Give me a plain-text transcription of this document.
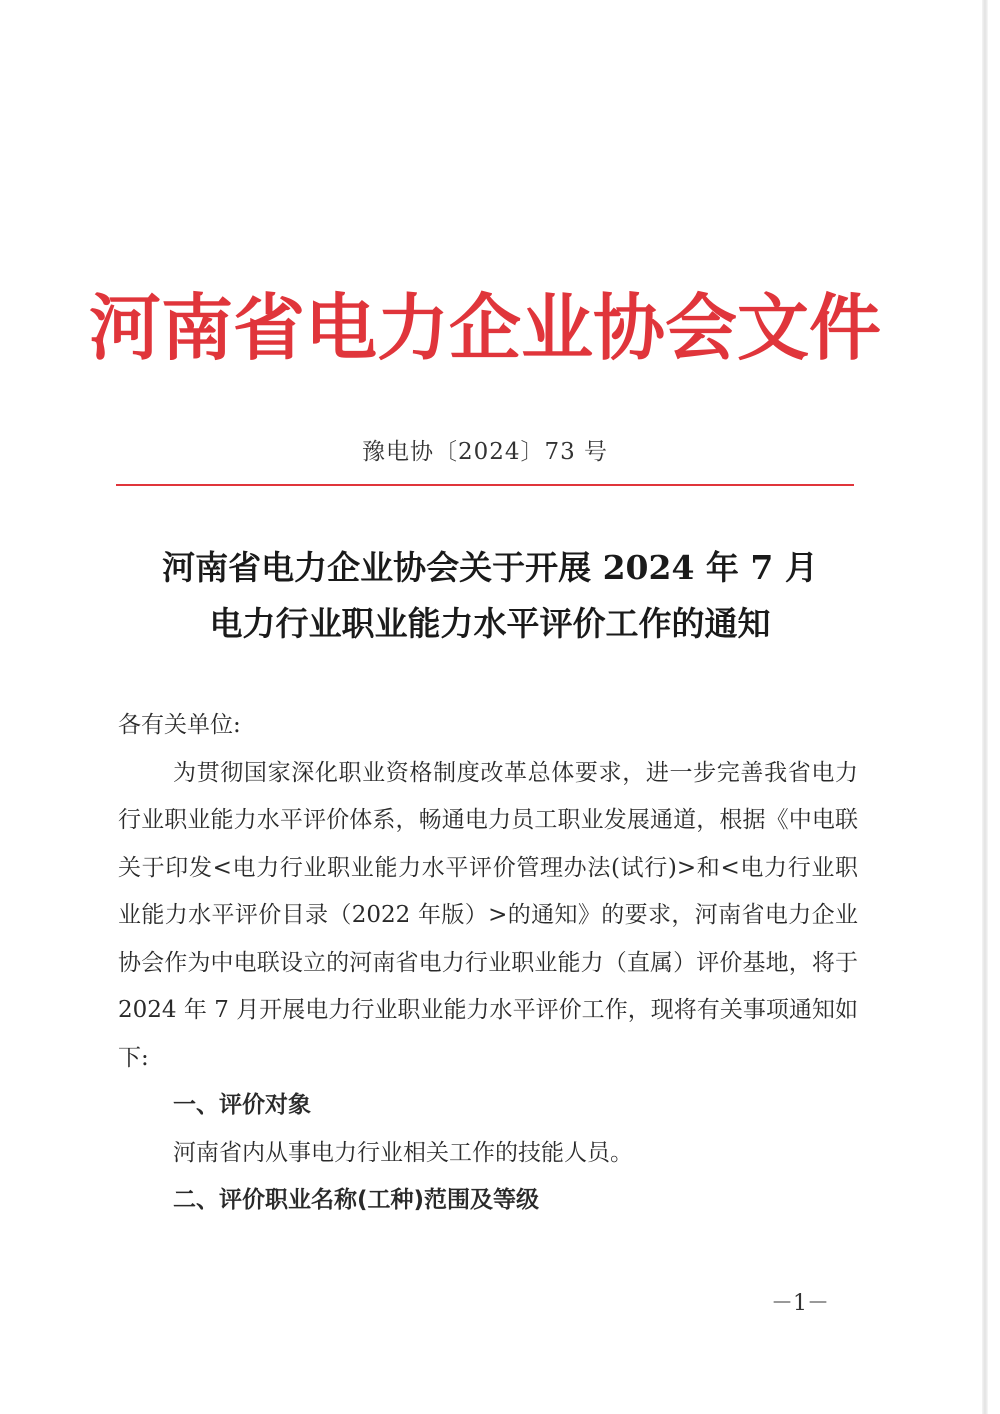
河南省电力企业协会文件
豫电协〔2024〕73 号
河南省电力企业协会关于开展 2024 年 7 月
电力行业职业能力水平评价工作的通知

各有关单位:

为贯彻国家深化职业资格制度改革总体要求，进一步完善我省电力行业职业能力水平评价体系，畅通电力员工职业发展通道，根据《中电联关于印发<电力行业职业能力水平评价管理办法(试行)>和<电力行业职业能力水平评价目录（2022 年版）>的通知》的要求，河南省电力企业协会作为中电联设立的河南省电力行业职业能力（直属）评价基地，将于 2024 年 7 月开展电力行业职业能力水平评价工作，现将有关事项通知如下:

一、评价对象

河南省内从事电力行业相关工作的技能人员。

二、评价职业名称(工种)范围及等级

－1－
